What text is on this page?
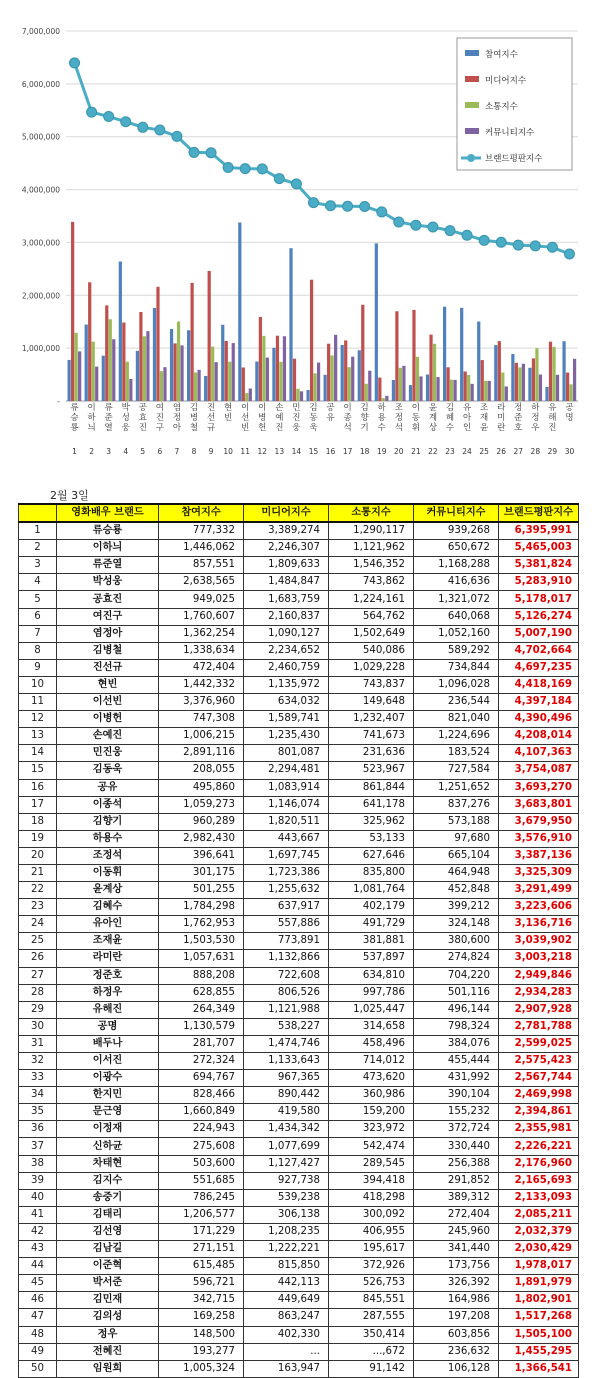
-
1,000,000
2,000,000
3,000,000
4,000,000
5,000,000
6,000,000
7,000,000
류 승 룡
1
이 하 늬
2
류 준 열
3
박 성 웅
4
공 효 진
5
여 진 구
6
염 정 아
7
김 병 철
8
진 선 규
9
현 빈
10
이 선 빈
11
이 병 헌
12
손 예 진
13
민 진 웅
14
김 동 욱
15
공 유
16
이 종 석
17
김 향 기
18
하 용 수
19
조 정 석
20
이 동 휘
21
윤 계 상
22
김 혜 수
23
유 아 인
24
조 재 윤
25
라 미 란
26
정 준 호
27
하 정 우
28
유 해 진
29
공 명
30
참여지수
미디어지수
소통지수
커뮤니티지수
브랜드평판지수
2월 3일
	영화배우 브랜드	참여지수	미디어지수	소통지수	커뮤니티지수	브랜드평판지수
1	류승룡	777,332	3,389,274	1,290,117	939,268	6,395,991
2	이하늬	1,446,062	2,246,307	1,121,962	650,672	5,465,003
3	류준열	857,551	1,809,633	1,546,352	1,168,288	5,381,824
4	박성웅	2,638,565	1,484,847	743,862	416,636	5,283,910
5	공효진	949,025	1,683,759	1,224,161	1,321,072	5,178,017
6	여진구	1,760,607	2,160,837	564,762	640,068	5,126,274
7	염정아	1,362,254	1,090,127	1,502,649	1,052,160	5,007,190
8	김병철	1,338,634	2,234,652	540,086	589,292	4,702,664
9	진선규	472,404	2,460,759	1,029,228	734,844	4,697,235
10	현빈	1,442,332	1,135,972	743,837	1,096,028	4,418,169
11	이선빈	3,376,960	634,032	149,648	236,544	4,397,184
12	이병헌	747,308	1,589,741	1,232,407	821,040	4,390,496
13	손예진	1,006,215	1,235,430	741,673	1,224,696	4,208,014
14	민진웅	2,891,116	801,087	231,636	183,524	4,107,363
15	김동욱	208,055	2,294,481	523,967	727,584	3,754,087
16	공유	495,860	1,083,914	861,844	1,251,652	3,693,270
17	이종석	1,059,273	1,146,074	641,178	837,276	3,683,801
18	김향기	960,289	1,820,511	325,962	573,188	3,679,950
19	하용수	2,982,430	443,667	53,133	97,680	3,576,910
20	조정석	396,641	1,697,745	627,646	665,104	3,387,136
21	이동휘	301,175	1,723,386	835,800	464,948	3,325,309
22	윤계상	501,255	1,255,632	1,081,764	452,848	3,291,499
23	김혜수	1,784,298	637,917	402,179	399,212	3,223,606
24	유아인	1,762,953	557,886	491,729	324,148	3,136,716
25	조재윤	1,503,530	773,891	381,881	380,600	3,039,902
26	라미란	1,057,631	1,132,866	537,897	274,824	3,003,218
27	정준호	888,208	722,608	634,810	704,220	2,949,846
28	하정우	628,855	806,526	997,786	501,116	2,934,283
29	유해진	264,349	1,121,988	1,025,447	496,144	2,907,928
30	공명	1,130,579	538,227	314,658	798,324	2,781,788
31	배두나	281,707	1,474,746	458,496	384,076	2,599,025
32	이서진	272,324	1,133,643	714,012	455,444	2,575,423
33	이광수	694,767	967,365	473,620	431,992	2,567,744
34	한지민	828,466	890,442	360,986	390,104	2,469,998
35	문근영	1,660,849	419,580	159,200	155,232	2,394,861
36	이정재	224,943	1,434,342	323,972	372,724	2,355,981
37	신하균	275,608	1,077,699	542,474	330,440	2,226,221
38	차태현	503,600	1,127,427	289,545	256,388	2,176,960
39	김지수	551,685	927,738	394,418	291,852	2,165,693
40	송중기	786,245	539,238	418,298	389,312	2,133,093
41	김태리	1,206,577	306,138	300,092	272,404	2,085,211
42	김선영	171,229	1,208,235	406,955	245,960	2,032,379
43	김남길	271,151	1,222,221	195,617	341,440	2,030,429
44	이준혁	615,485	815,850	372,926	173,756	1,978,017
45	박서준	596,721	442,113	526,753	326,392	1,891,979
46	김민재	342,715	449,649	845,551	164,986	1,802,901
47	김의성	169,258	863,247	287,555	197,208	1,517,268
48	정우	148,500	402,330	350,414	603,856	1,505,100
49	전혜진	193,277	...	...,672	236,632	1,455,295
50	임원희	1,005,324	163,947	91,142	106,128	1,366,541
